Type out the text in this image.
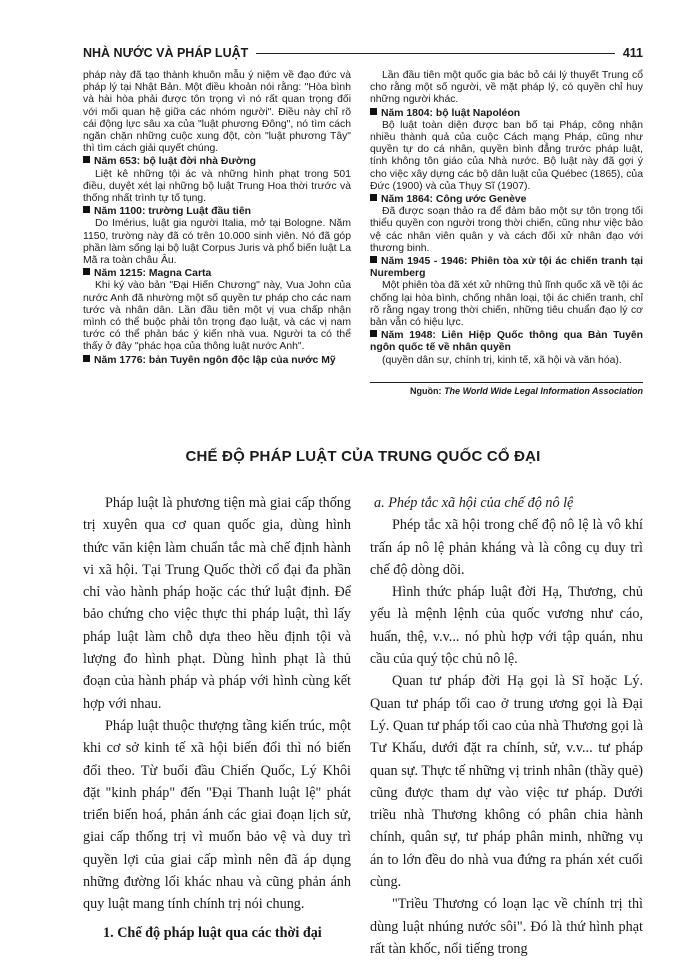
NHÀ NƯỚC VÀ PHÁP LUẬT	411

pháp này đã tạo thành khuôn mẫu ý niệm về đạo đức và pháp lý tại Nhật Bản. Một điều khoản nói rằng: "Hòa bình và hài hòa phải được tôn trọng vì nó rất quan trọng đối với mối quan hệ giữa các nhóm người". Điều này chỉ rõ cái động lực sâu xa của "luật phương Đông", nó tìm cách ngăn chặn những cuộc xung đột, còn "luật phương Tây" thì tìm cách giải quyết chúng.

Năm 653: bộ luật đời nhà Đường

Liệt kê những tội ác và những hình phạt trong 501 điều, duyệt xét lại những bộ luật Trung Hoa thời trước và thống nhất trình tự tố tụng.

Năm 1100: trường Luật đầu tiên

Do Imérius, luật gia người Italia, mở tại Bologne. Năm 1150, trường này đã có trên 10.000 sinh viên. Nó đã góp phần làm sống lại bộ luật Corpus Juris và phổ biến luật La Mã ra toàn châu Âu.

Năm 1215: Magna Carta

Khi ký vào bản "Đại Hiến Chương" này, Vua John của nước Anh đã nhường một số quyền tư pháp cho các nam tước và nhân dân. Lần đầu tiên một vị vua chấp nhận mình có thể buộc phải tôn trọng đạo luật, và các vị nam tước có thể phản bác ý kiến nhà vua. Người ta có thể thấy ở đây "phác họa của thông luật nước Anh".

Năm 1776: bản Tuyên ngôn độc lập của nước Mỹ

Lần đầu tiên một quốc gia bác bỏ cái lý thuyết Trung cổ cho rằng một số người, về mặt pháp lý, có quyền chỉ huy những người khác.

Năm 1804: bộ luật Napoléon

Bộ luật toàn diện được ban bố tại Pháp, công nhận nhiều thành quả của cuộc Cách mạng Pháp, cũng như quyền tự do cá nhân, quyền bình đẳng trước pháp luật, tính không tôn giáo của Nhà nước. Bộ luật này đã gợi ý cho việc xây dựng các bộ dân luật của Québec (1865), của Đức (1900) và của Thụy Sĩ (1907).

Năm 1864: Công ước Genève

Đã được soạn thảo ra để đảm bảo một sự tôn trọng tối thiểu quyền con người trong thời chiến, cũng như việc bảo vệ các nhân viên quân y và cách đối xử nhân đạo với thương binh.

Năm 1945 - 1946: Phiên tòa xử tội ác chiến tranh tại Nuremberg

Một phiên tòa đã xét xử những thủ lĩnh quốc xã về tội ác chống lại hòa bình, chống nhân loại, tội ác chiến tranh, chỉ rõ rằng ngay trong thời chiến, những tiêu chuẩn đạo lý cơ bản vẫn có hiệu lực.

Năm 1948: Liên Hiệp Quốc thông qua Bản Tuyên ngôn quốc tế về nhân quyền

(quyền dân sự, chính trị, kinh tế, xã hội và văn hóa).

Nguồn: The World Wide Legal Information Association
CHẾ ĐỘ PHÁP LUẬT CỦA TRUNG QUỐC CỔ ĐẠI

Pháp luật là phương tiện mà giai cấp thống trị xuyên qua cơ quan quốc gia, dùng hình thức văn kiện làm chuẩn tắc mà chế định hành vi xã hội. Tại Trung Quốc thời cổ đại đa phần chỉ vào hành pháp hoặc các thứ luật định. Để bảo chứng cho việc thực thi pháp luật, thì lấy pháp luật làm chỗ dựa theo hều định tội và lượng đo hình phạt. Dùng hình phạt là thủ đoạn của hành pháp và pháp với hình cùng kết hợp với nhau.

Pháp luật thuộc thượng tầng kiến trúc, một khi cơ sở kinh tế xã hội biến đổi thì nó biến đổi theo. Từ buổi đầu Chiến Quốc, Lý Khôi đặt "kinh pháp" đến "Đại Thanh luật lệ" phát triển biến hoá, phản ánh các giai đoạn lịch sử, giai cấp thống trị vì muốn bảo vệ và duy trì quyền lợi của giai cấp mình nên đã áp dụng những đường lối khác nhau và cũng phản ánh quy luật mang tính chính trị nói chung.

1. Chế độ pháp luật qua các thời đại

a. Phép tắc xã hội của chế độ nô lệ

Phép tắc xã hội trong chế độ nô lệ là vô khí trấn áp nô lệ phản kháng và là công cụ duy trì chế độ dòng dõi.

Hình thức pháp luật đời Hạ, Thương, chủ yếu là mệnh lệnh của quốc vương như cáo, huấn, thệ, v.v... nó phù hợp với tập quán, nhu cầu của quý tộc chủ nô lệ.

Quan tư pháp đời Hạ gọi là Sĩ hoặc Lý. Quan tư pháp tối cao ở trung ương gọi là Đại Lý. Quan tư pháp tối cao của nhà Thương gọi là Tư Khấu, dưới đặt ra chính, sử, v.v... tư pháp quan sự. Thực tế những vị trinh nhân (thầy quẻ) cũng được tham dự vào việc tư pháp. Dưới triều nhà Thương không có phân chia hành chính, quân sự, tư pháp phân minh, những vụ án to lớn đều do nhà vua đứng ra phán xét cuối cùng.

"Triều Thương có loạn lạc về chính trị thì dùng luật nhúng nước sôi". Đó là thứ hình phạt rất tàn khốc, nổi tiếng trong
